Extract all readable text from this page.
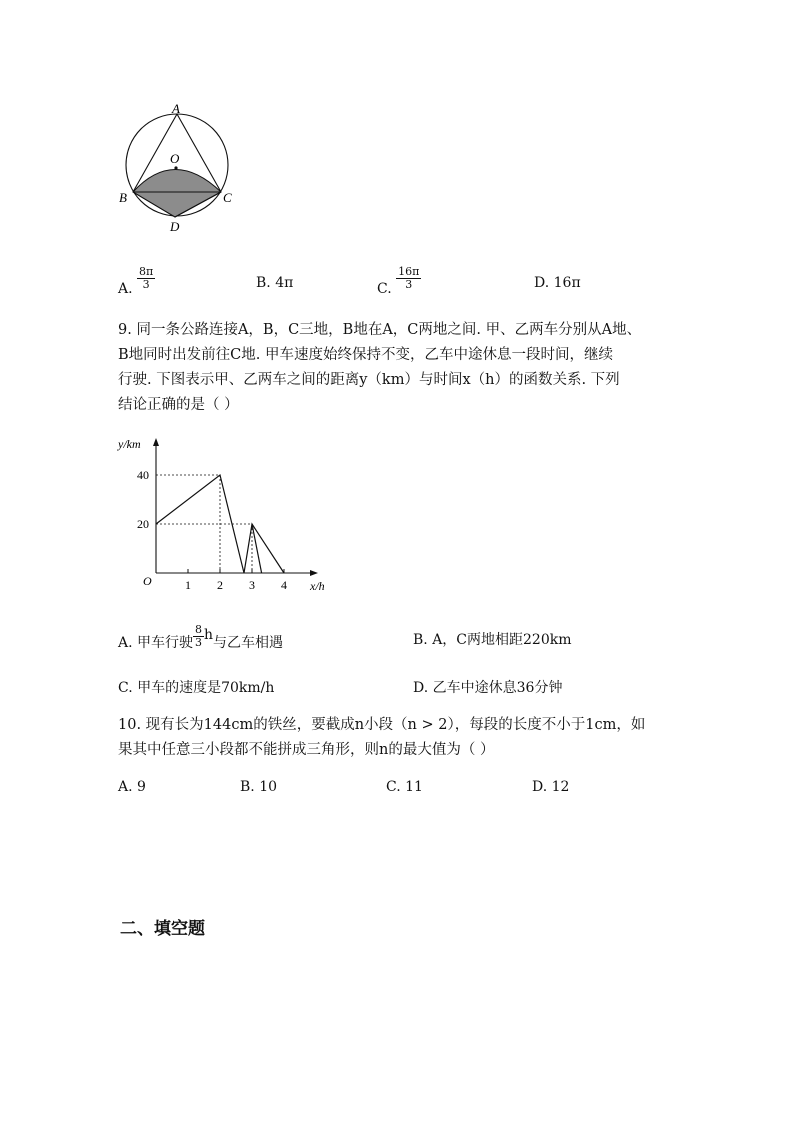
A
O
B	C
D
A. $\frac{8\pi}{3}$	B. 4π	C. $\frac{16\pi}{3}$	D. 16π
9. 同一条公路连接A，B，C三地，B地在A，C两地之间. 甲、乙两车分别从A地、
B地同时出发前往C地. 甲车速度始终保持不变，乙车中途休息一段时间，继续
行驶. 下图表示甲、乙两车之间的距离y（km）与时间x（h）的函数关系. 下列
结论正确的是（ ）
1 2 3 4
20
40
O
y/km
x/h
A. 甲车行驶 $\frac{8}{3}$ h与乙车相遇	B. A，C两地相距220km
C. 甲车的速度是70km/h	D. 乙车中途休息36分钟
10. 现有长为144cm的铁丝，要截成n小段（n > 2），每段的长度不小于1cm，如
果其中任意三小段都不能拼成三角形，则n的最大值为（ ）
A. 9	B. 10	C. 11	D. 12
二、填空题
